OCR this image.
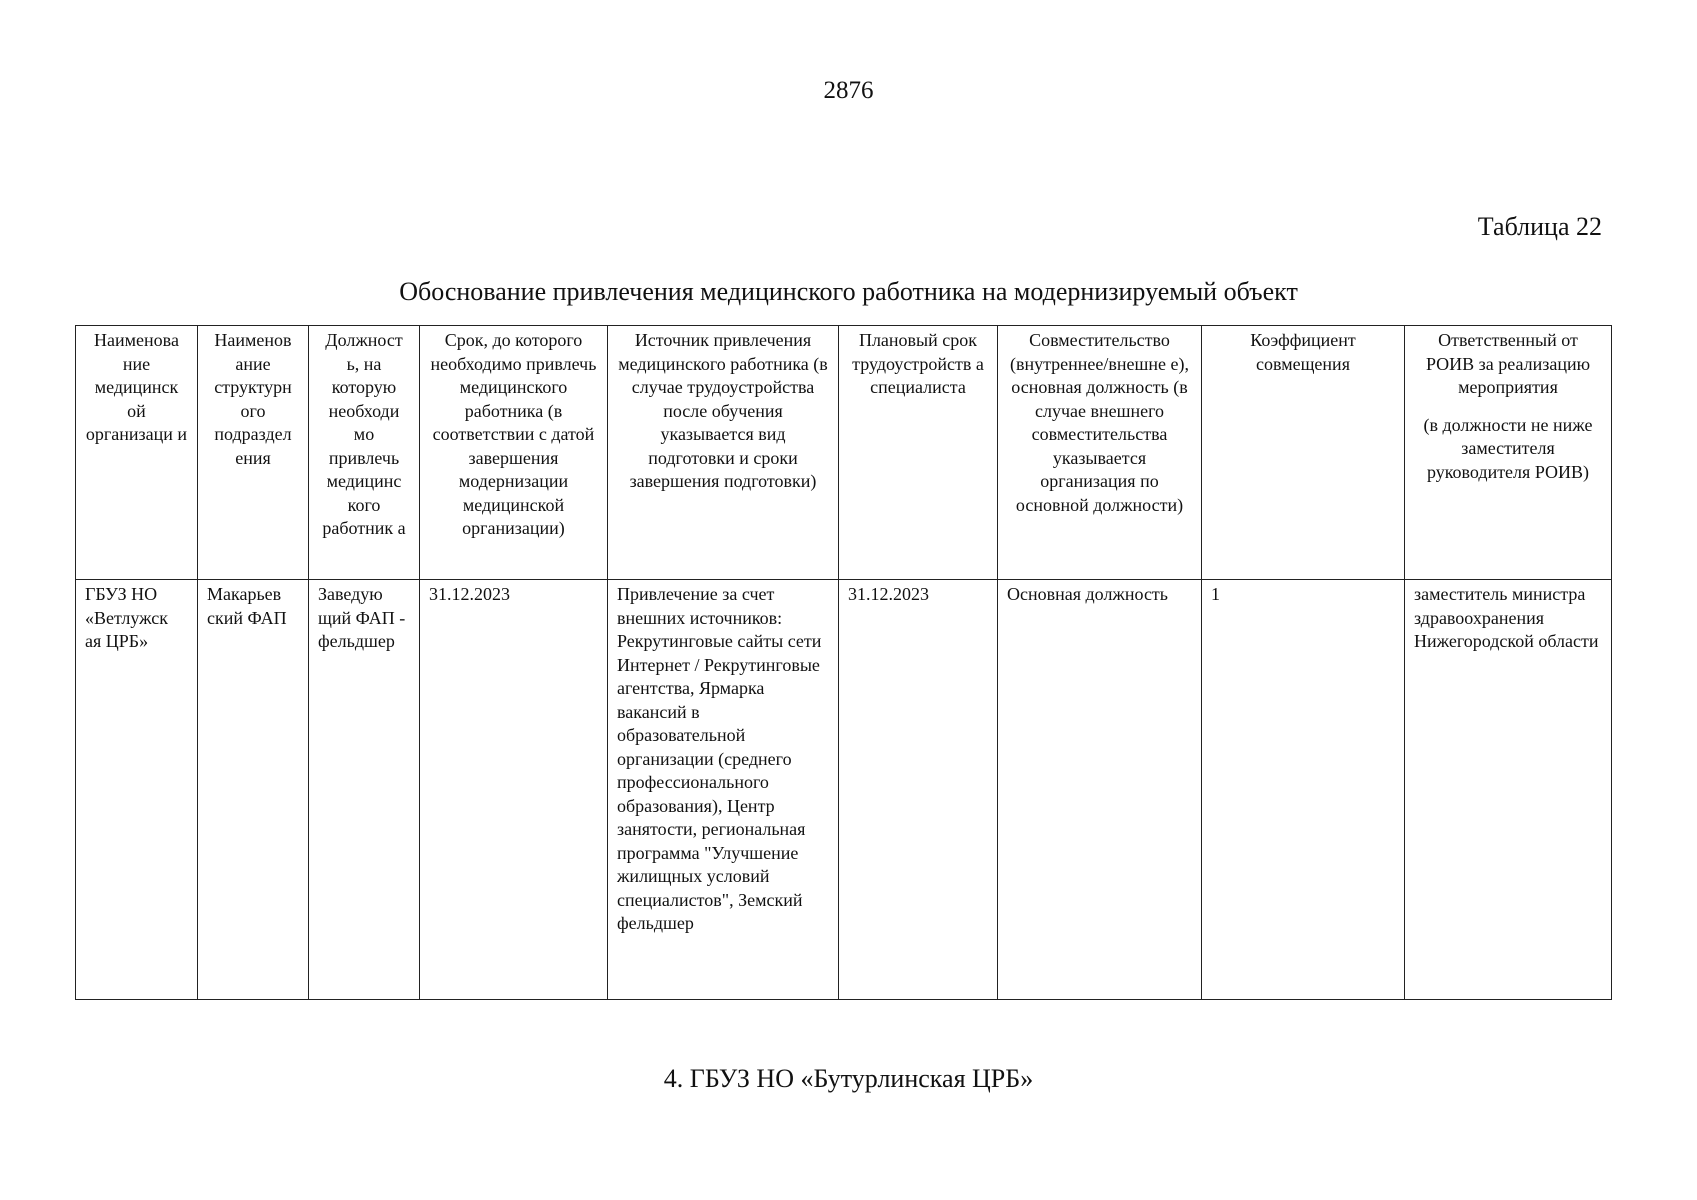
2876
Таблица 22
Обоснование привлечения медицинского работника на модернизируемый объект
Наименова ние медицинск ой организаци и	Наименов ание структурн ого подраздел ения	Должност ь, на которую необходи мо привлечь медицинс кого работник а	Срок, до которого необходимо привлечь медицинского работника (в соответствии с датой завершения модернизации медицинской организации)	Источник привлечения медицинского работника (в случае трудоустройства после обучения указывается вид подготовки и сроки завершения подготовки)	Плановый срок трудоустройств а специалиста	Совместительство (внутреннее/внешне е), основная должность (в случае внешнего совместительства указывается организация по основной должности)	Коэффициент совмещения	Ответственный от РОИВ за реализацию мероприятия
(в должности не ниже заместителя руководителя РОИВ)

ГБУЗ НО «Ветлужск ая ЦРБ»	Макарьев ский ФАП	Заведую щий ФАП - фельдшер	31.12.2023	Привлечение за счет внешних источников: Рекрутинговые сайты сети Интернет / Рекрутинговые агентства, Ярмарка вакансий в образовательной организации (среднего профессионального образования), Центр занятости, региональная программа "Улучшение жилищных условий специалистов", Земский фельдшер	31.12.2023	Основная должность	1	заместитель министра здравоохранения Нижегородской области
4. ГБУЗ НО «Бутурлинская ЦРБ»
